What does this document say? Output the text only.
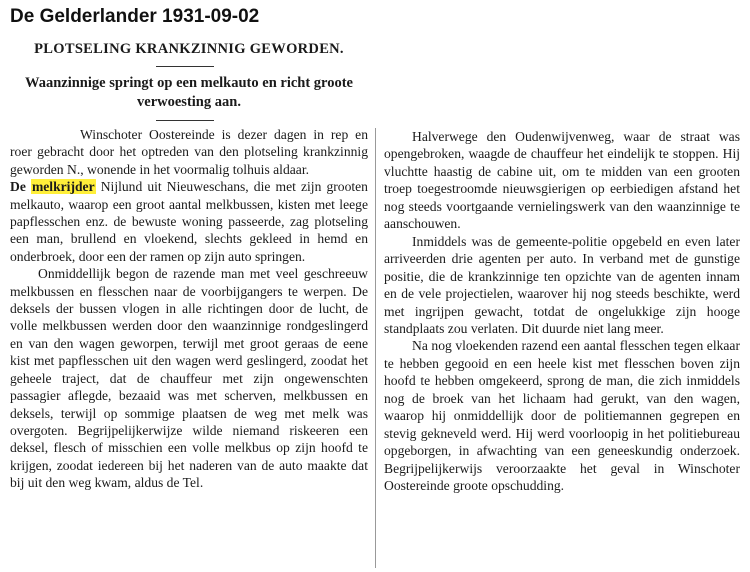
De Gelderlander 1931-09-02
PLOTSELING KRANKZINNIG GEWORDEN.
Waanzinnige springt op een melkauto en richt groote verwoesting aan.

Winschoter Oostereinde is dezer dagen in rep en roer gebracht door het optreden van den plotseling krankzinnig geworden N., wonende in het voormalig tolhuis aldaar.

De melkrijder Nijlund uit Nieuweschans, die met zijn grooten melkauto, waarop een groot aantal melkbussen, kisten met leege papflesschen enz. de bewuste woning passeerde, zag plotseling een man, brullend en vloekend, slechts gekleed in hemd en onderbroek, door een der ramen op zijn auto springen.

Onmiddellijk begon de razende man met veel geschreeuw melkbussen en flesschen naar de voorbijgangers te werpen. De deksels der bussen vlogen in alle richtingen door de lucht, de volle melkbussen werden door den waanzinnige rondgeslingerd en van den wagen geworpen, terwijl met groot geraas de eene kist met papflesschen uit den wagen werd geslingerd, zoodat het geheele traject, dat de chauffeur met zijn ongewenschten passagier aflegde, bezaaid was met scherven, melkbussen en deksels, terwijl op sommige plaatsen de weg met melk was overgoten. Begrijpelijkerwijze wilde niemand riskeeren een deksel, flesch of misschien een volle melkbus op zijn hoofd te krijgen, zoodat iedereen bij het naderen van de auto maakte dat bij uit den weg kwam, aldus de Tel.

Halverwege den Oudenwijvenweg, waar de straat was opengebroken, waagde de chauffeur het eindelijk te stoppen. Hij vluchtte haastig de cabine uit, om te midden van een grooten troep toegestroomde nieuwsgierigen op eerbiedigen afstand het nog steeds voortgaande vernielingswerk van den waanzinnige te aanschouwen.

Inmiddels was de gemeente-politie opgebeld en even later arriveerden drie agenten per auto. In verband met de gunstige positie, die de krankzinnige ten opzichte van de agenten innam en de vele projectielen, waarover hij nog steeds beschikte, werd met ingrijpen gewacht, totdat de ongelukkige zijn hooge standplaats zou verlaten. Dit duurde niet lang meer.

Na nog vloekenden razend een aantal flesschen tegen elkaar te hebben gegooid en een heele kist met flesschen boven zijn hoofd te hebben omgekeerd, sprong de man, die zich inmiddels nog de broek van het lichaam had gerukt, van den wagen, waarop hij onmiddellijk door de politiemannen gegrepen en stevig gekneveld werd. Hij werd voorloopig in het politiebureau opgeborgen, in afwachting van een geneeskundig onderzoek. Begrijpelijkerwijs veroorzaakte het geval in Winschoter Oostereinde groote opschudding.
